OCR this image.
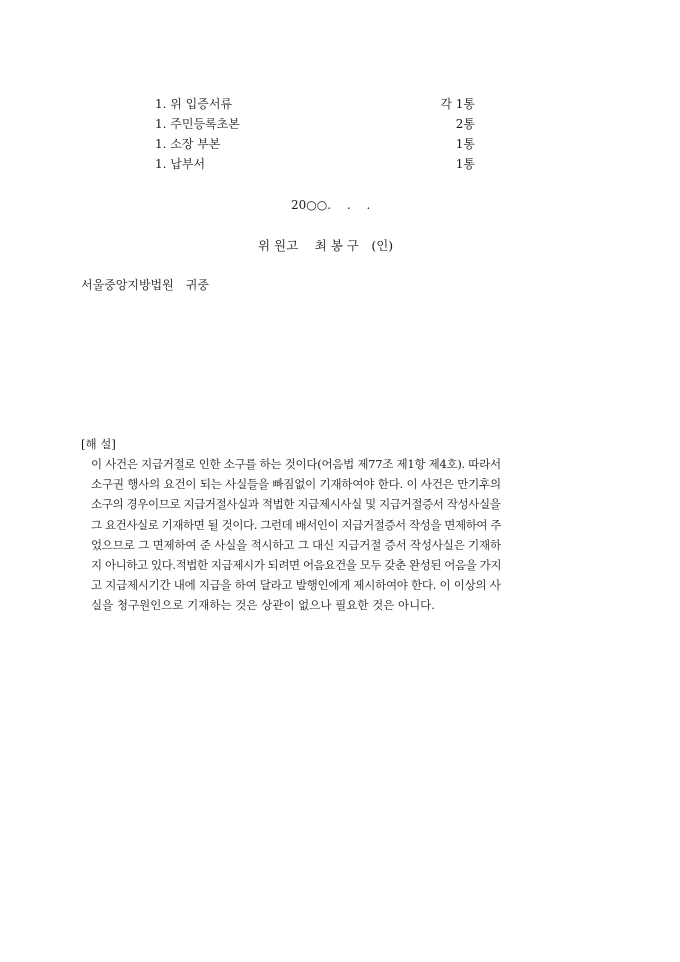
1. 위 입증서류	각 1통
1. 주민등록초본	2통
1. 소장 부본	1통
1. 납부서	1통
20○○.　 .　 .
위 원고　 최 봉 구　(인)
서울중앙지방법원　귀중
[해 설]
이 사건은 지급거절로 인한 소구를 하는 것이다(어음법 제77조 제1항 제4호). 따라서
소구권 행사의 요건이 되는 사실들을 빠짐없이 기재하여야 한다. 이 사건은 만기후의
소구의 경우이므로 지급거절사실과 적법한 지급제시사실 및 지급거절증서 작성사실을
그 요건사실로 기재하면 될 것이다. 그런데 배서인이 지급거절증서 작성을 면제하여 주
었으므로 그 면제하여 준 사실을 적시하고 그 대신 지급거절 증서 작성사실은 기재하
지 아니하고 있다.적법한 지급제시가 되려면 어음요건을 모두 갖춘 완성된 어음을 가지
고 지급제시기간 내에 지급을 하여 달라고 발행인에게 제시하여야 한다. 이 이상의 사
실을 청구원인으로 기재하는 것은 상관이 없으나 필요한 것은 아니다.
